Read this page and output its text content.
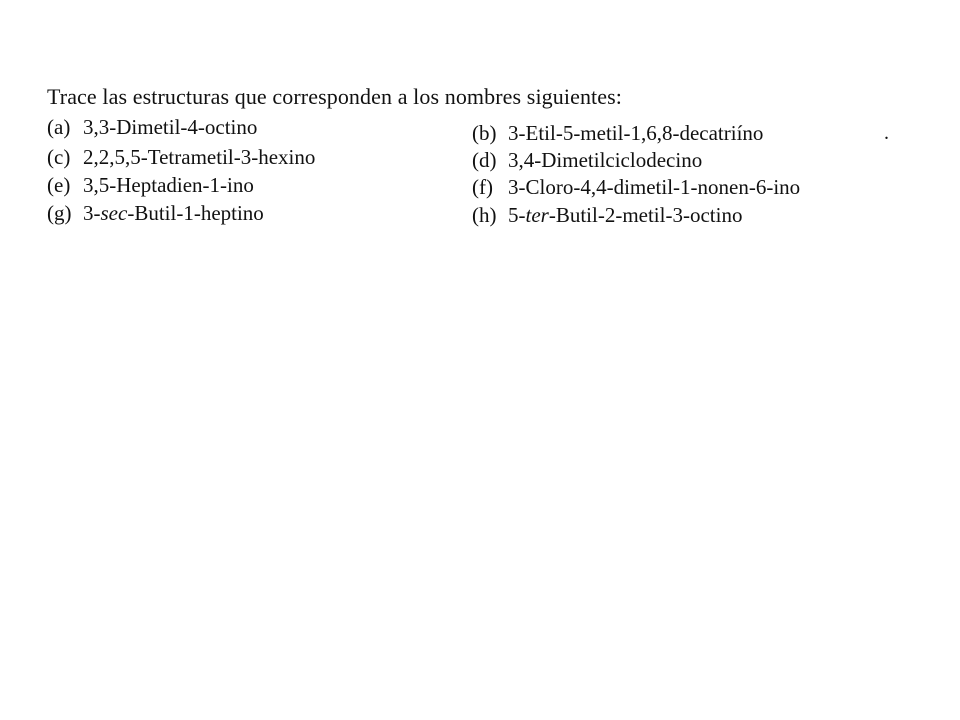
Trace las estructuras que corresponden a los nombres siguientes:
(a) 3,3-Dimetil-4-octino	(b) 3-Etil-5-metil-1,6,8-decatriíno
(c) 2,2,5,5-Tetrametil-3-hexino	(d) 3,4-Dimetilciclodecino
(e) 3,5-Heptadien-1-ino	(f) 3-Cloro-4,4-dimetil-1-nonen-6-ino
(g) 3-sec-Butil-1-heptino	(h) 5-ter-Butil-2-metil-3-octino
.
